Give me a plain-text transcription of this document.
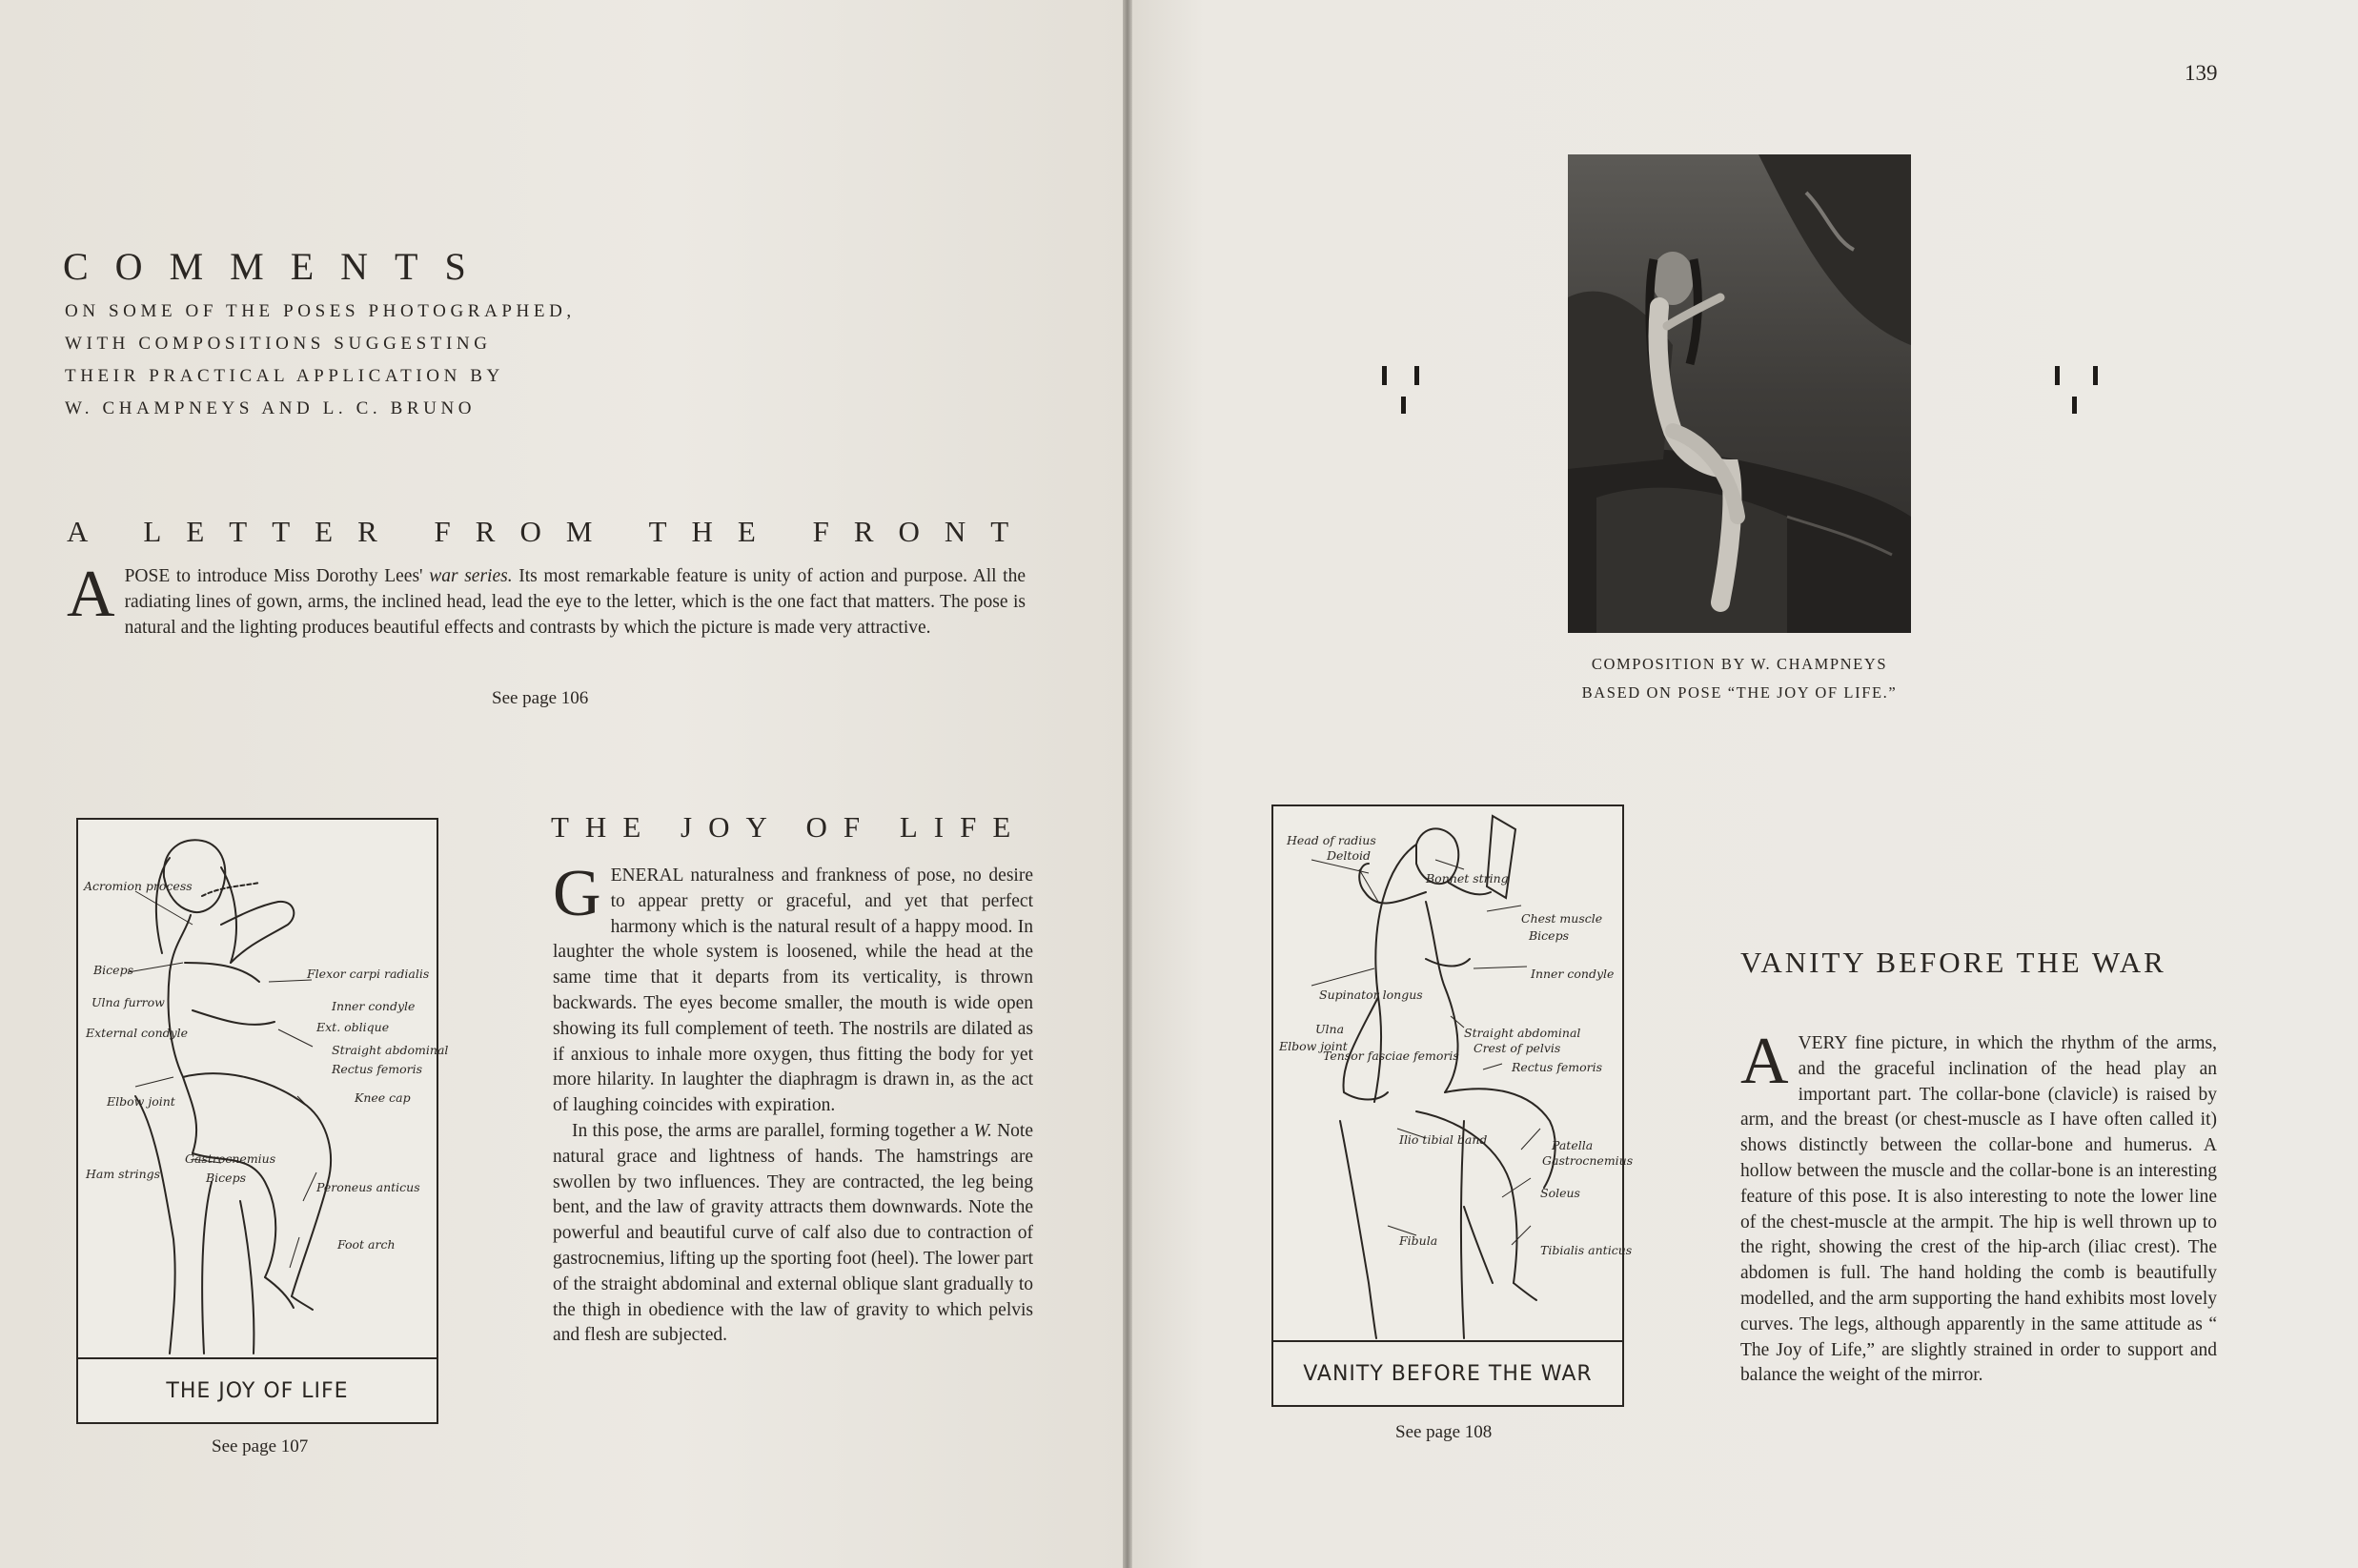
COMMENTS
ON SOME OF THE POSES PHOTOGRAPHED,
WITH COMPOSITIONS SUGGESTING
THEIR PRACTICAL APPLICATION BY
W. CHAMPNEYS AND L. C. BRUNO
A LETTER FROM THE FRONT
A POSE to introduce Miss Dorothy Lees' war series. Its most remarkable feature is unity of action and purpose. All the radiating lines of gown, arms, the inclined head, lead the eye to the letter, which is the one fact that matters. The pose is natural and the lighting produces beautiful effects and contrasts by which the picture is made very attractive.
See page 106
Acromion process
Biceps
Ulna furrow
External condyle
Elbow joint
Ham strings
Flexor carpi radialis
Inner condyle
Ext. oblique
Straight abdominal
Rectus femoris
Knee cap
Gastrocnemius
Biceps
Peroneus anticus
Foot arch
THE JOY OF LIFE
See page 107
THE JOY OF LIFE

GENERAL naturalness and frankness of pose, no desire to appear pretty or graceful, and yet that perfect harmony which is the natural result of a happy mood. In laughter the whole system is loosened, while the head at the same time that it departs from its verticality, is thrown backwards. The eyes become smaller, the mouth is wide open showing its full complement of teeth. The nostrils are dilated as if anxious to inhale more oxygen, thus fitting the body for yet more hilarity. In laughter the diaphragm is drawn in, as the act of laughing coincides with expiration.

In this pose, the arms are parallel, forming together a W. Note natural grace and lightness of hands. The hamstrings are swollen by two influences. They are contracted, the leg being bent, and the law of gravity attracts them downwards. Note the powerful and beautiful curve of calf also due to contraction of gastrocnemius, lifting up the sporting foot (heel). The lower part of the straight abdominal and external oblique slant gradually to the thigh in obedience with the law of gravity to which pelvis and flesh are subjected.

139
COMPOSITION BY W. CHAMPNEYS
BASED ON POSE “THE JOY OF LIFE.”
Head of radius
Deltoid
Bonnet string
Chest muscle
Biceps
Inner condyle
Supinator longus
Ulna
Elbow joint
Tensor fasciae femoris
Straight abdominal
Crest of pelvis
Rectus femoris
Ilio tibial band	Patella
Gastrocnemius
Soleus
Fibula
Tibialis anticus
VANITY BEFORE THE WAR
See page 108
VANITY BEFORE THE WAR
A VERY fine picture, in which the rhythm of the arms, and the graceful inclination of the head play an important part. The collar-bone (clavicle) is raised by arm, and the breast (or chest-muscle as I have often called it) shows distinctly between the collar-bone and humerus. A hollow between the muscle and the collar-bone is an interesting feature of this pose. It is also interesting to note the lower line of the chest-muscle at the armpit. The hip is well thrown up to the right, showing the crest of the hip-arch (iliac crest). The abdomen is full. The hand holding the comb is beautifully modelled, and the arm supporting the hand exhibits most lovely curves. The legs, although apparently in the same attitude as “ The Joy of Life,” are slightly strained in order to support and balance the weight of the mirror.
